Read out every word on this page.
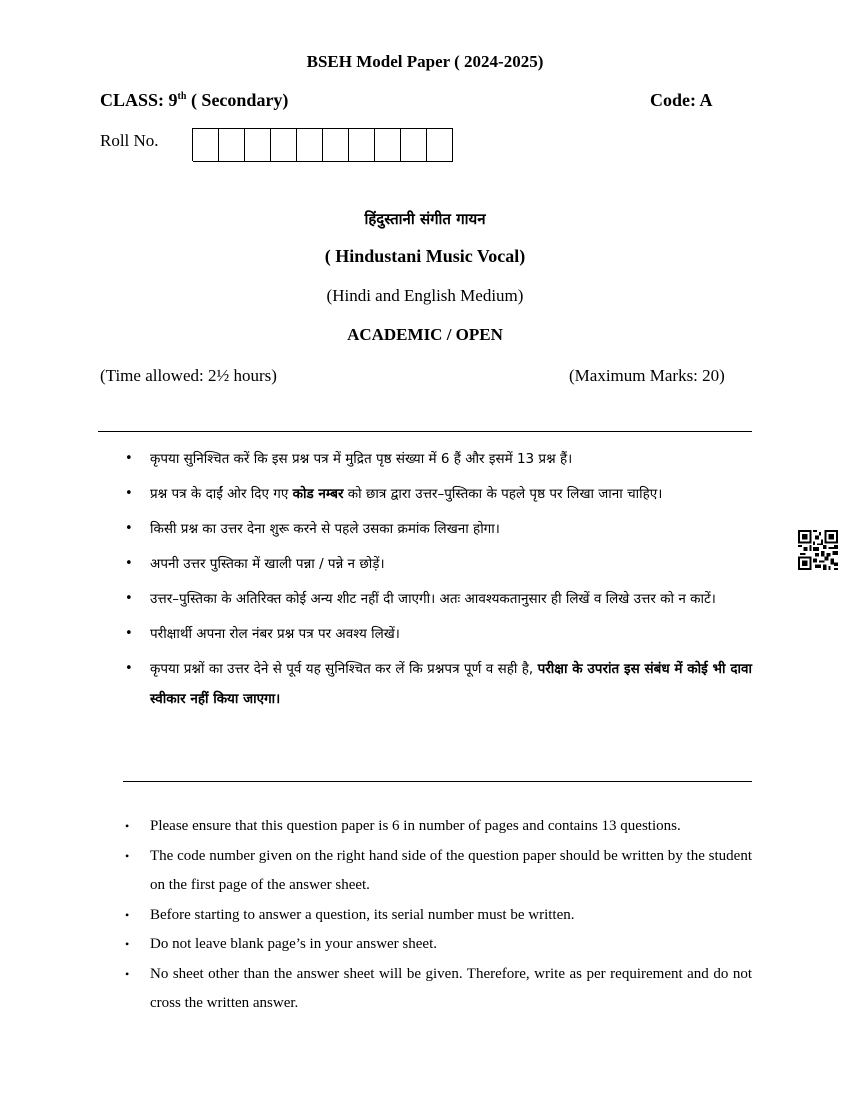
BSEH Model Paper ( 2024-2025)
CLASS: 9th ( Secondary)	Code: A
Roll No.
हिंदुस्तानी संगीत गायन
( Hindustani Music Vocal)
(Hindi and English Medium)
ACADEMIC / OPEN
(Time allowed: 2½ hours)	(Maximum Marks: 20)
• कृपया सुनिश्चित करें कि इस प्रश्न पत्र में मुद्रित पृष्ठ संख्या में 6 हैं और इसमें 13 प्रश्न हैं।
• प्रश्न पत्र के दाईं ओर दिए गए कोड नम्बर को छात्र द्वारा उत्तर–पुस्तिका के पहले पृष्ठ पर लिखा जाना चाहिए।
• किसी प्रश्न का उत्तर देना शुरू करने से पहले उसका क्रमांक लिखना होगा।
• अपनी उत्तर पुस्तिका में खाली पन्ना / पन्ने न छोड़ें।
• उत्तर–पुस्तिका के अतिरिक्त कोई अन्य शीट नहीं दी जाएगी। अतः आवश्यकतानुसार ही लिखें व लिखे उत्तर को न काटें।
• परीक्षार्थी अपना रोल नंबर प्रश्न पत्र पर अवश्य लिखें।
• कृपया प्रश्नों का उत्तर देने से पूर्व यह सुनिश्चित कर लें कि प्रश्नपत्र पूर्ण व सही है, परीक्षा के उपरांत इस संबंध में कोई भी दावा स्वीकार नहीं किया जाएगा।
• Please ensure that this question paper is 6 in number of pages and contains 13 questions.
• The code number given on the right hand side of the question paper should be written by the student on the first page of the answer sheet.
• Before starting to answer a question, its serial number must be written.
• Do not leave blank page’s in your answer sheet.
• No sheet other than the answer sheet will be given. Therefore, write as per requirement and do not cross the written answer.
